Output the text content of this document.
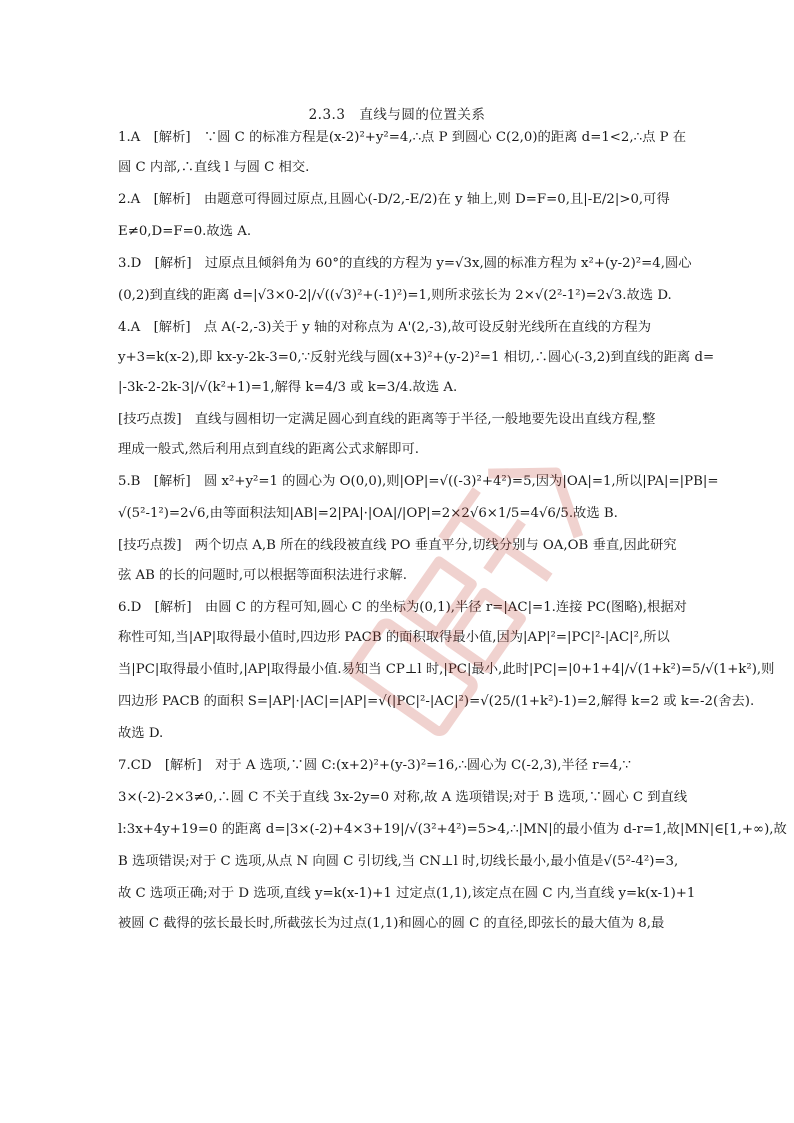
2.3.3　直线与圆的位置关系
1.A　[解析]　∵圆 C 的标准方程是(x-2)²+y²=4,∴点 P 到圆心 C(2,0)的距离 d=1<2,∴点 P 在
圆 C 内部,∴直线 l 与圆 C 相交.
2.A　[解析]　由题意可得圆过原点,且圆心(-D/2,-E/2)在 y 轴上,则 D=F=0,且|-E/2|>0,可得
E≠0,D=F=0.故选 A.
3.D　[解析]　过原点且倾斜角为 60°的直线的方程为 y=√3x,圆的标准方程为 x²+(y-2)²=4,圆心
(0,2)到直线的距离 d=|√3×0-2|/√((√3)²+(-1)²)=1,则所求弦长为 2×√(2²-1²)=2√3.故选 D.
4.A　[解析]　点 A(-2,-3)关于 y 轴的对称点为 A'(2,-3),故可设反射光线所在直线的方程为
y+3=k(x-2),即 kx-y-2k-3=0,∵反射光线与圆(x+3)²+(y-2)²=1 相切,∴圆心(-3,2)到直线的距离 d=
|-3k-2-2k-3|/√(k²+1)=1,解得 k=4/3 或 k=3/4.故选 A.
[技巧点拨]　直线与圆相切一定满足圆心到直线的距离等于半径,一般地要先设出直线方程,整
理成一般式,然后利用点到直线的距离公式求解即可.
5.B　[解析]　圆 x²+y²=1 的圆心为 O(0,0),则|OP|=√((-3)²+4²)=5,因为|OA|=1,所以|PA|=|PB|=
√(5²-1²)=2√6,由等面积法知|AB|=2|PA|·|OA|/|OP|=2×2√6×1/5=4√6/5.故选 B.
[技巧点拨]　两个切点 A,B 所在的线段被直线 PO 垂直平分,切线分别与 OA,OB 垂直,因此研究
弦 AB 的长的问题时,可以根据等面积法进行求解.
6.D　[解析]　由圆 C 的方程可知,圆心 C 的坐标为(0,1),半径 r=|AC|=1.连接 PC(图略),根据对
称性可知,当|AP|取得最小值时,四边形 PACB 的面积取得最小值,因为|AP|²=|PC|²-|AC|²,所以
当|PC|取得最小值时,|AP|取得最小值.易知当 CP⊥l 时,|PC|最小,此时|PC|=|0+1+4|/√(1+k²)=5/√(1+k²),则
四边形 PACB 的面积 S=|AP|·|AC|=|AP|=√(|PC|²-|AC|²)=√(25/(1+k²)-1)=2,解得 k=2 或 k=-2(舍去).
故选 D.
7.CD　[解析]　对于 A 选项,∵圆 C:(x+2)²+(y-3)²=16,∴圆心为 C(-2,3),半径 r=4,∵
3×(-2)-2×3≠0,∴圆 C 不关于直线 3x-2y=0 对称,故 A 选项错误;对于 B 选项,∵圆心 C 到直线
l:3x+4y+19=0 的距离 d=|3×(-2)+4×3+19|/√(3²+4²)=5>4,∴|MN|的最小值为 d-r=1,故|MN|∈[1,+∞),故
B 选项错误;对于 C 选项,从点 N 向圆 C 引切线,当 CN⊥l 时,切线长最小,最小值是√(5²-4²)=3,
故 C 选项正确;对于 D 选项,直线 y=k(x-1)+1 过定点(1,1),该定点在圆 C 内,当直线 y=k(x-1)+1
被圆 C 截得的弦长最长时,所截弦长为过点(1,1)和圆心的圆 C 的直径,即弦长的最大值为 8,最
